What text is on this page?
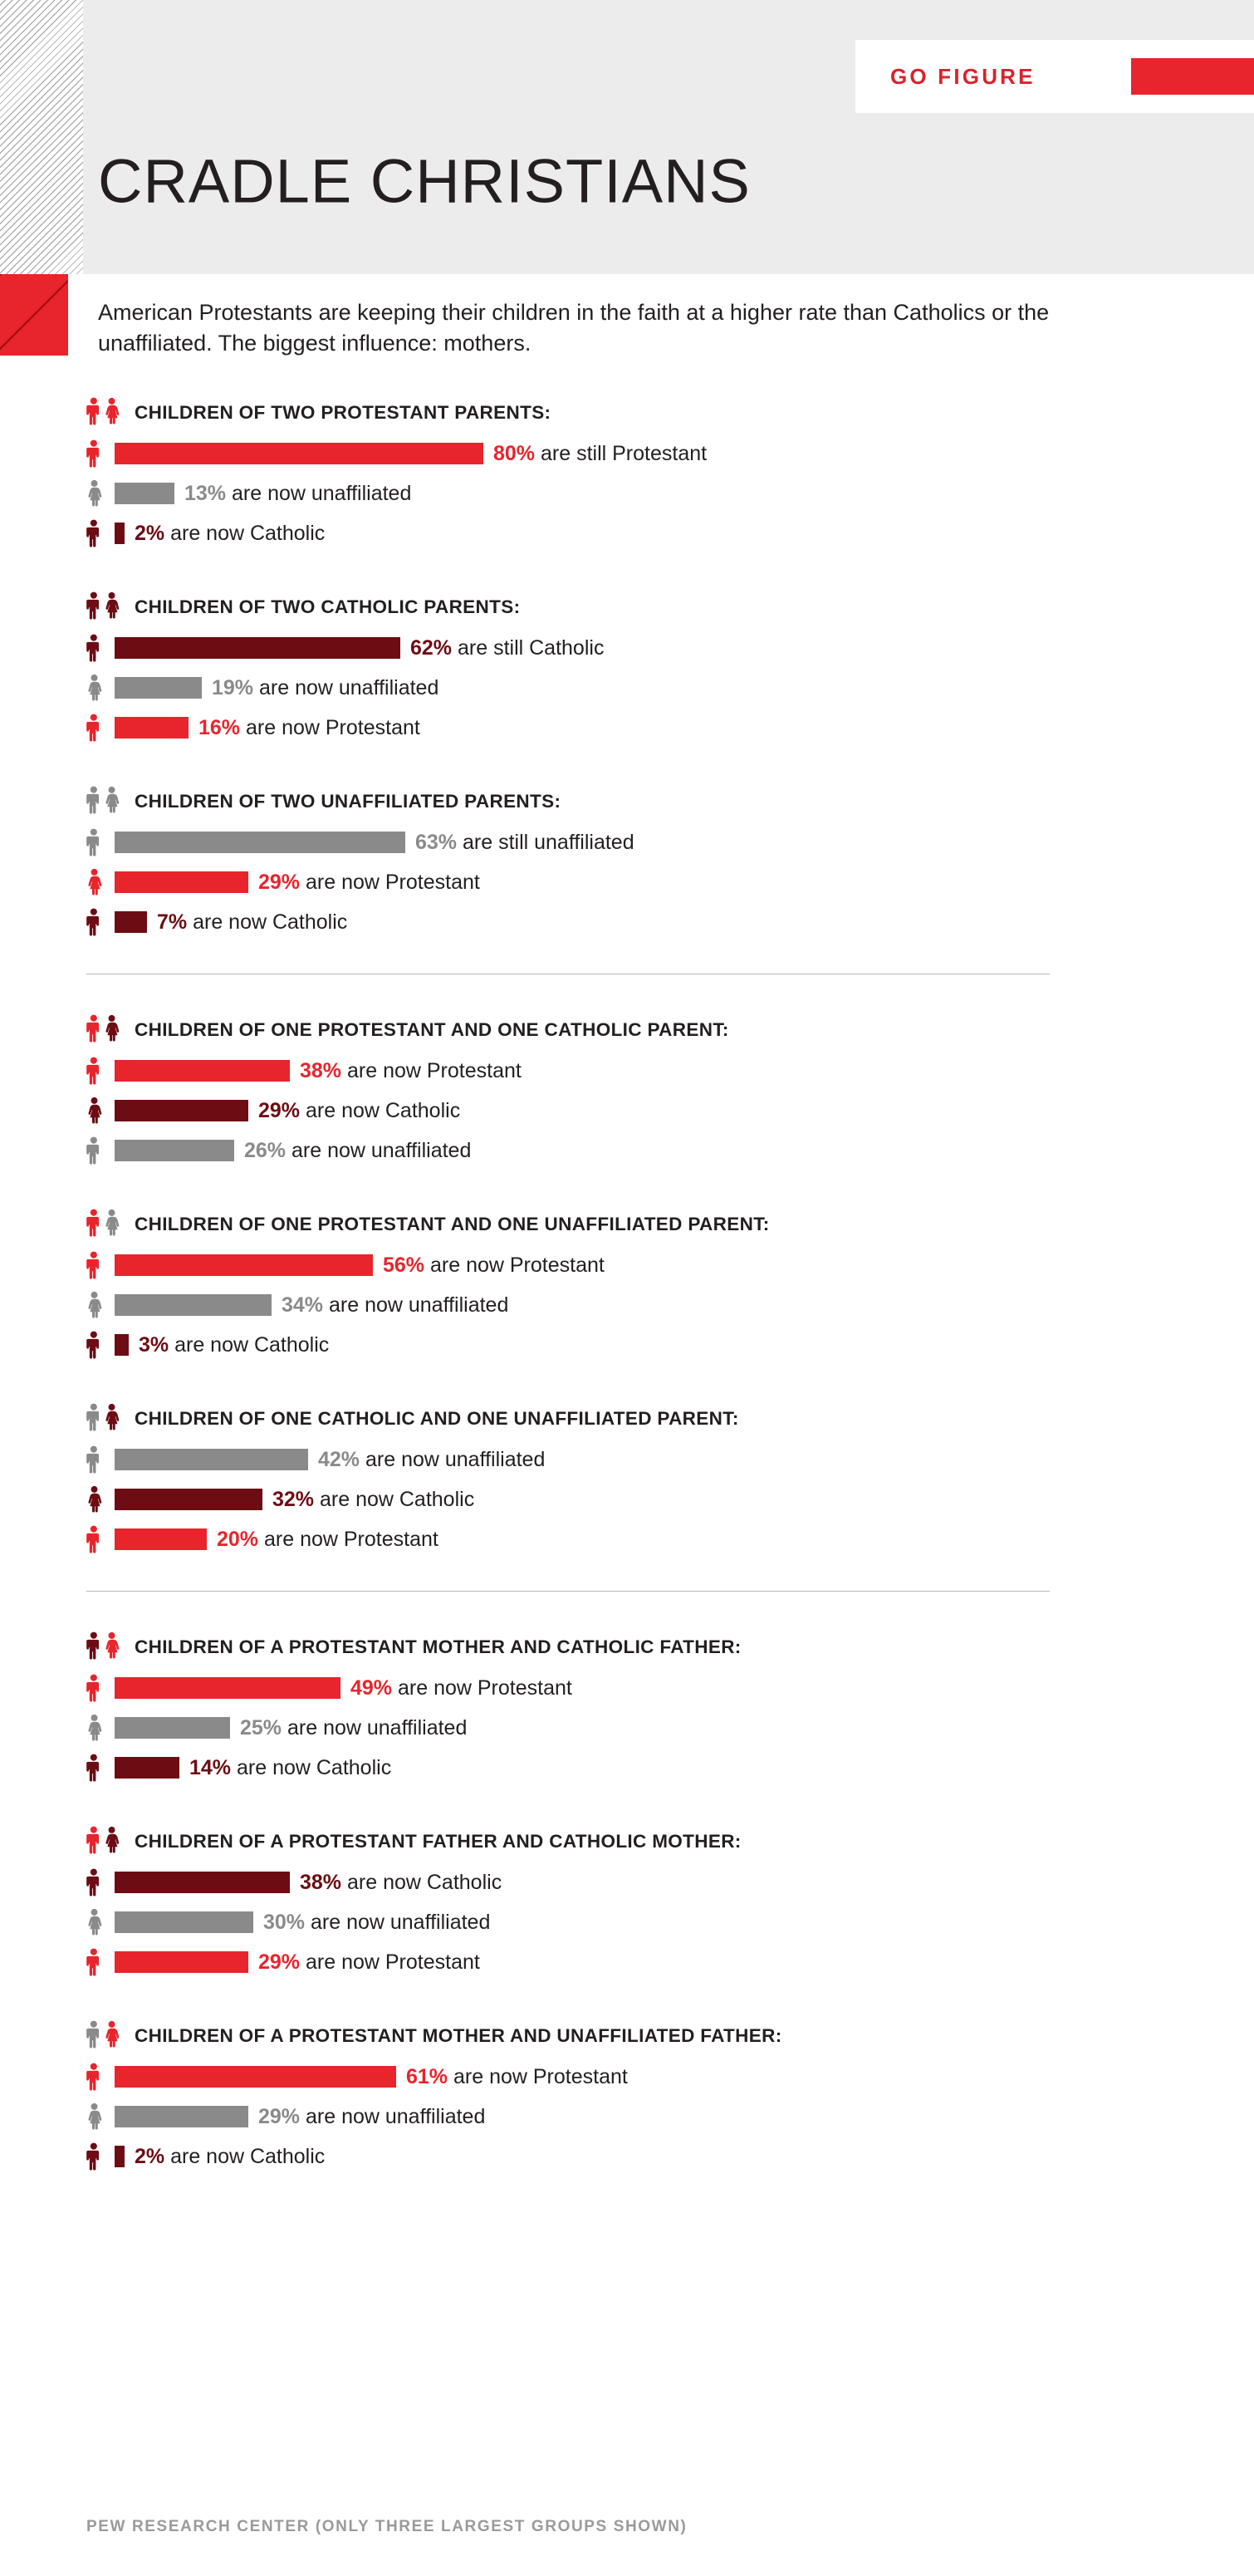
GO FIGURE
CRADLE CHRISTIANS
American Protestants are keeping their children in the faith at a higher rate than Catholics or the unaffiliated. The biggest influence: mothers.
CHILDREN OF TWO PROTESTANT PARENTS:
80% are still Protestant
13% are now unaffiliated
2% are now Catholic
CHILDREN OF TWO CATHOLIC PARENTS:
62% are still Catholic
19% are now unaffiliated
16% are now Protestant
CHILDREN OF TWO UNAFFILIATED PARENTS:
63% are still unaffiliated
29% are now Protestant
7% are now Catholic
CHILDREN OF ONE PROTESTANT AND ONE CATHOLIC PARENT:
38% are now Protestant
29% are now Catholic
26% are now unaffiliated
CHILDREN OF ONE PROTESTANT AND ONE UNAFFILIATED PARENT:
56% are now Protestant
34% are now unaffiliated
3% are now Catholic
CHILDREN OF ONE CATHOLIC AND ONE UNAFFILIATED PARENT:
42% are now unaffiliated
32% are now Catholic
20% are now Protestant
CHILDREN OF A PROTESTANT MOTHER AND CATHOLIC FATHER:
49% are now Protestant
25% are now unaffiliated
14% are now Catholic
CHILDREN OF A PROTESTANT FATHER AND CATHOLIC MOTHER:
38% are now Catholic
30% are now unaffiliated
29% are now Protestant
CHILDREN OF A PROTESTANT MOTHER AND UNAFFILIATED FATHER:
61% are now Protestant
29% are now unaffiliated
2% are now Catholic
PEW RESEARCH CENTER (ONLY THREE LARGEST GROUPS SHOWN)
